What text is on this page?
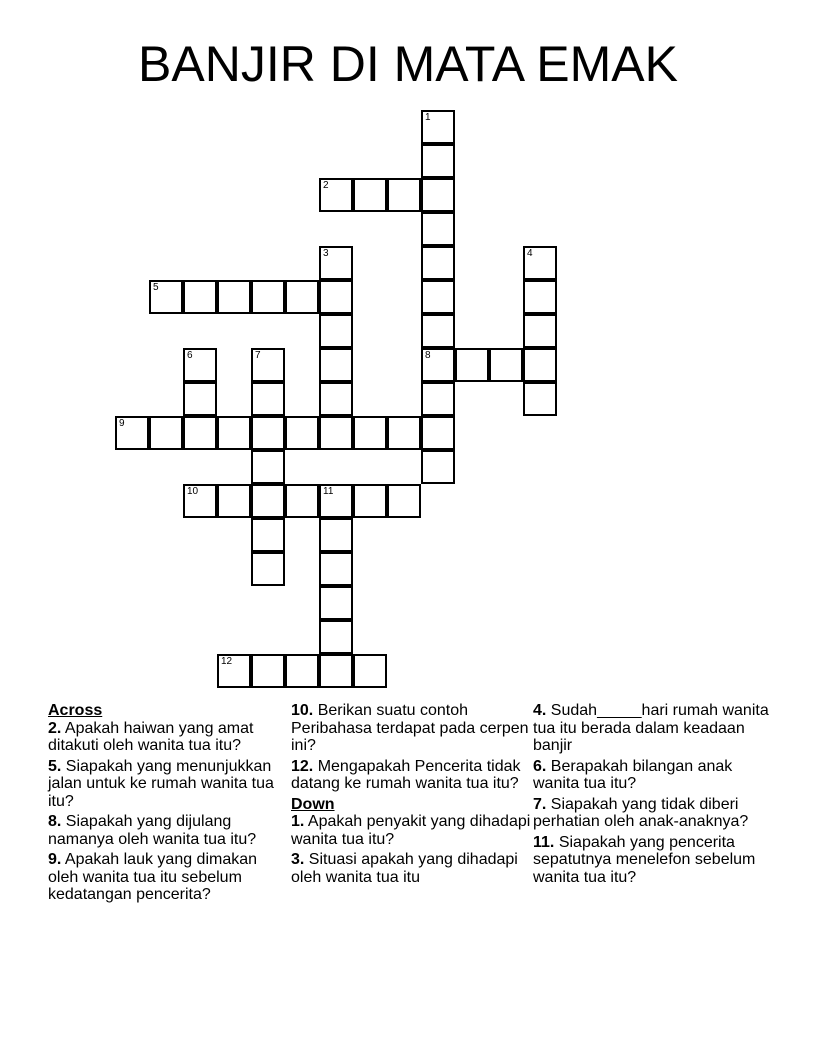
BANJIR DI MATA EMAK
1
8
2
3	4
5
6	7
9
10	11
12
Across
2. Apakah haiwan yang amat ditakuti oleh wanita tua itu?
5. Siapakah yang menunjukkan jalan untuk ke rumah wanita tua itu?
8. Siapakah yang dijulang namanya oleh wanita tua itu?
9. Apakah lauk yang dimakan oleh wanita tua itu sebelum kedatangan pencerita?
10. Berikan suatu contoh Peribahasa terdapat pada cerpen ini?
12. Mengapakah Pencerita tidak datang ke rumah wanita tua itu?
Down
1. Apakah penyakit yang dihadapi wanita tua itu?
3. Situasi apakah yang dihadapi oleh wanita tua itu
4. Sudah_____hari rumah wanita tua itu berada dalam keadaan banjir
6. Berapakah bilangan anak wanita tua itu?
7. Siapakah yang tidak diberi perhatian oleh anak-anaknya?
11. Siapakah yang pencerita sepatutnya menelefon sebelum wanita tua itu?
